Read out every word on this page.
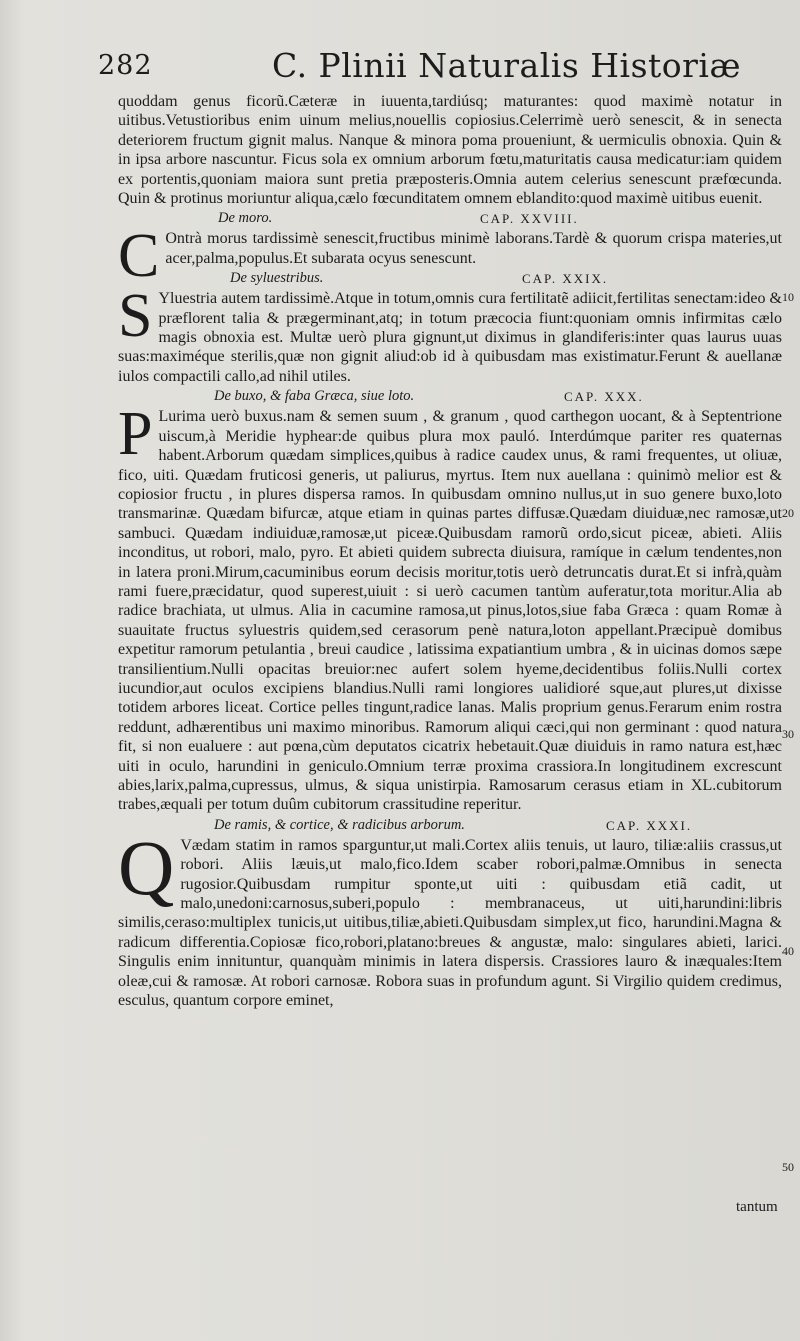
282	C. Plinii Naturalis Historiæ

quoddam genus ficorũ.Cæteræ in iuuenta,tardiúsq; maturantes: quod maximè notatur in uitibus.Vetustioribus enim uinum melius,nouellis copiosius.Celerrimè uerò senescit, & in senecta deteriorem fructum gignit malus. Nanque & minora poma proueniunt, & uermiculis obnoxia. Quin & in ipsa arbore nascuntur. Ficus sola ex omnium arborum fœtu,maturitatis causa medicatur:iam quidem ex portentis,quoniam maiora sunt pretia præposteris.Omnia autem celerius senescunt præfœcunda. Quin & protinus moriuntur aliqua,cælo fœcunditatem omnem eblandito:quod maximè uitibus euenit.

De moro.	CAP. XXVIII.

C Ontrà morus tardissimè senescit,fructibus minimè laborans.Tardè & quorum crispa materies,ut acer,palma,populus.Et subarata ocyus senescunt.

De syluestribus.	CAP. XXIX.

S Yluestria autem tardissimè.Atque in totum,omnis cura fertilitatẽ adiicit,fertilitas senectam:ideo & præflorent talia & prægerminant,atq; in totum præcocia fiunt:quoniam omnis infirmitas cælo magis obnoxia est. Multæ uerò plura gignunt,ut diximus in glandiferis:inter quas laurus uuas suas:maximéque sterilis,quæ non gignit aliud:ob id à quibusdam mas existimatur.Ferunt & auellanæ iulos compactili callo,ad nihil utiles.

De buxo, & faba Græca, siue loto.	CAP. XXX.

P Lurima uerò buxus.nam & semen suum , & granum , quod carthegon uocant, & à Septentrione uiscum,à Meridie hyphear:de quibus plura mox pauló. Interdúmque pariter res quaternas habent.Arborum quædam simplices,quibus à radice caudex unus, & rami frequentes, ut oliuæ, fico, uiti. Quædam fruticosi generis, ut paliurus, myrtus. Item nux auellana : quinimò melior est & copiosior fructu , in plures dispersa ramos. In quibusdam omnino nullus,ut in suo genere buxo,loto transmarinæ. Quædam bifurcæ, atque etiam in quinas partes diffusæ.Quædam diuiduæ,nec ramosæ,ut sambuci. Quædam indiuiduæ,ramosæ,ut piceæ.Quibusdam ramorũ ordo,sicut piceæ, abieti. Aliis inconditus, ut robori, malo, pyro. Et abieti quidem subrecta diuisura, ramíque in cælum tendentes,non in latera proni.Mirum,cacuminibus eorum decisis moritur,totis uerò detruncatis durat.Et si infrà,quàm rami fuere,præcidatur, quod superest,uiuit : si uerò cacumen tantùm auferatur,tota moritur.Alia ab radice brachiata, ut ulmus. Alia in cacumine ramosa,ut pinus,lotos,siue faba Græca : quam Romæ à suauitate fructus syluestris quidem,sed cerasorum penè natura,loton appellant.Præcipuè domibus expetitur ramorum petulantia , breui caudice , latissima expatiantium umbra , & in uicinas domos sæpe transilientium.Nulli opacitas breuior:nec aufert solem hyeme,decidentibus foliis.Nulli cortex iucundior,aut oculos excipiens blandius.Nulli rami longiores ualidioré sque,aut plures,ut dixisse totidem arbores liceat. Cortice pelles tingunt,radice lanas. Malis proprium genus.Ferarum enim rostra reddunt, adhærentibus uni maximo minoribus. Ramorum aliqui cæci,qui non germinant : quod natura fit, si non eualuere : aut pœna,cùm deputatos cicatrix hebetauit.Quæ diuiduis in ramo natura est,hæc uiti in oculo, harundini in geniculo.Omnium terræ proxima crassiora.In longitudinem excrescunt abies,larix,palma,cupressus, ulmus, & siqua unistirpia. Ramosarum cerasus etiam in XL.cubitorum trabes,æquali per totum duûm cubitorum crassitudine reperitur.

De ramis, & cortice, & radicibus arborum.	CAP. XXXI.

Q Vædam statim in ramos sparguntur,ut mali.Cortex aliis tenuis, ut lauro, tiliæ:aliis crassus,ut robori. Aliis læuis,ut malo,fico.Idem scaber robori,palmæ.Omnibus in senecta rugosior.Quibusdam rumpitur sponte,ut uiti : quibusdam etiã cadit, ut malo,unedoni:carnosus,suberi,populo : membranaceus, ut uiti,harundini:libris similis,cerasо:multiplex tunicis,ut uitibus,tiliæ,abieti.Quibusdam simplex,ut fico, harundini.Magna & radicum differentia.Copiosæ fico,robori,platano:breues & angustæ, malo: singulares abieti, larici. Singulis enim innituntur, quanquàm minimis in latera dispersis. Crassiores lauro & inæquales:Item oleæ,cui & ramosæ. At robori carnosæ. Robora suas in profundum agunt. Si Virgilio quidem credimus, esculus, quantum corpore eminet,

10
20
30
40
50
tantum
